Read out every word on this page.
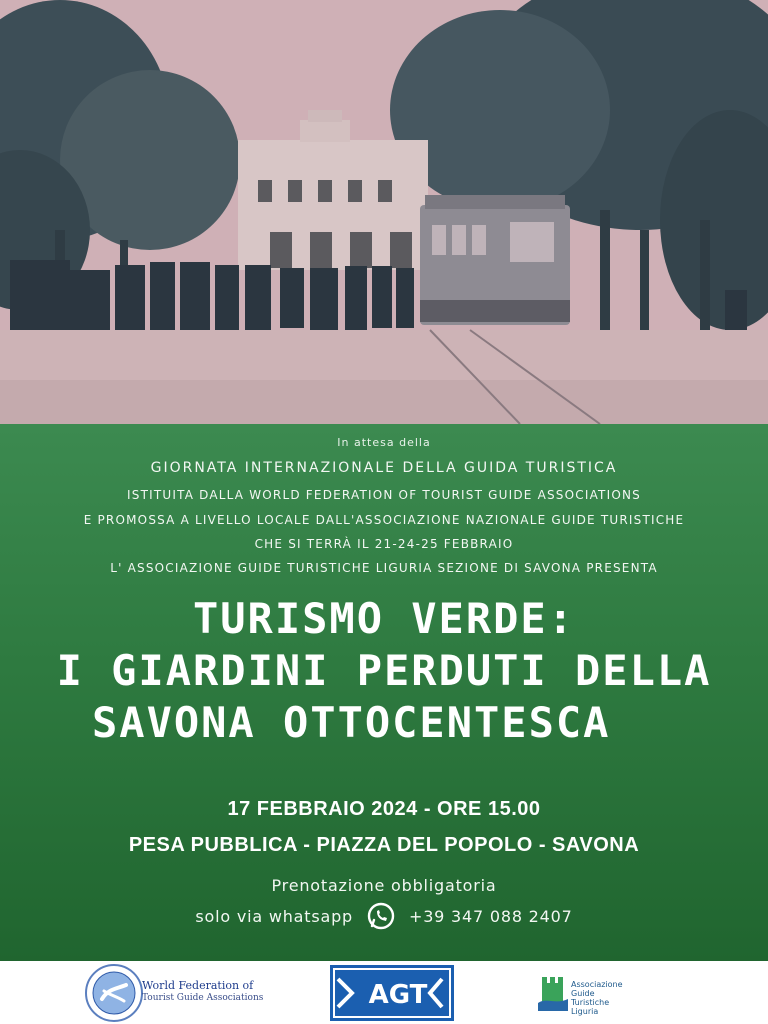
In attesa della
GIORNATA INTERNAZIONALE DELLA GUIDA TURISTICA
ISTITUITA DALLA WORLD FEDERATION OF TOURIST GUIDE ASSOCIATIONS
E PROMOSSA A LIVELLO LOCALE DALL'ASSOCIAZIONE NAZIONALE GUIDE TURISTICHE
CHE SI TERRÀ IL 21-24-25 FEBBRAIO
L' ASSOCIAZIONE GUIDE TURISTICHE LIGURIA SEZIONE DI SAVONA PRESENTA
TURISMO VERDE:
I GIARDINI PERDUTI DELLA
SAVONA OTTOCENTESCA
17 FEBBRAIO 2024 - ORE 15.00
PESA PUBBLICA - PIAZZA DEL POPOLO - SAVONA
Prenotazione obbligatoria
solo via whatsapp	+39 347 088 2407
World Federation of
Tourist Guide Associations	AGT	Associazione
Guide
Turistiche
Liguria
